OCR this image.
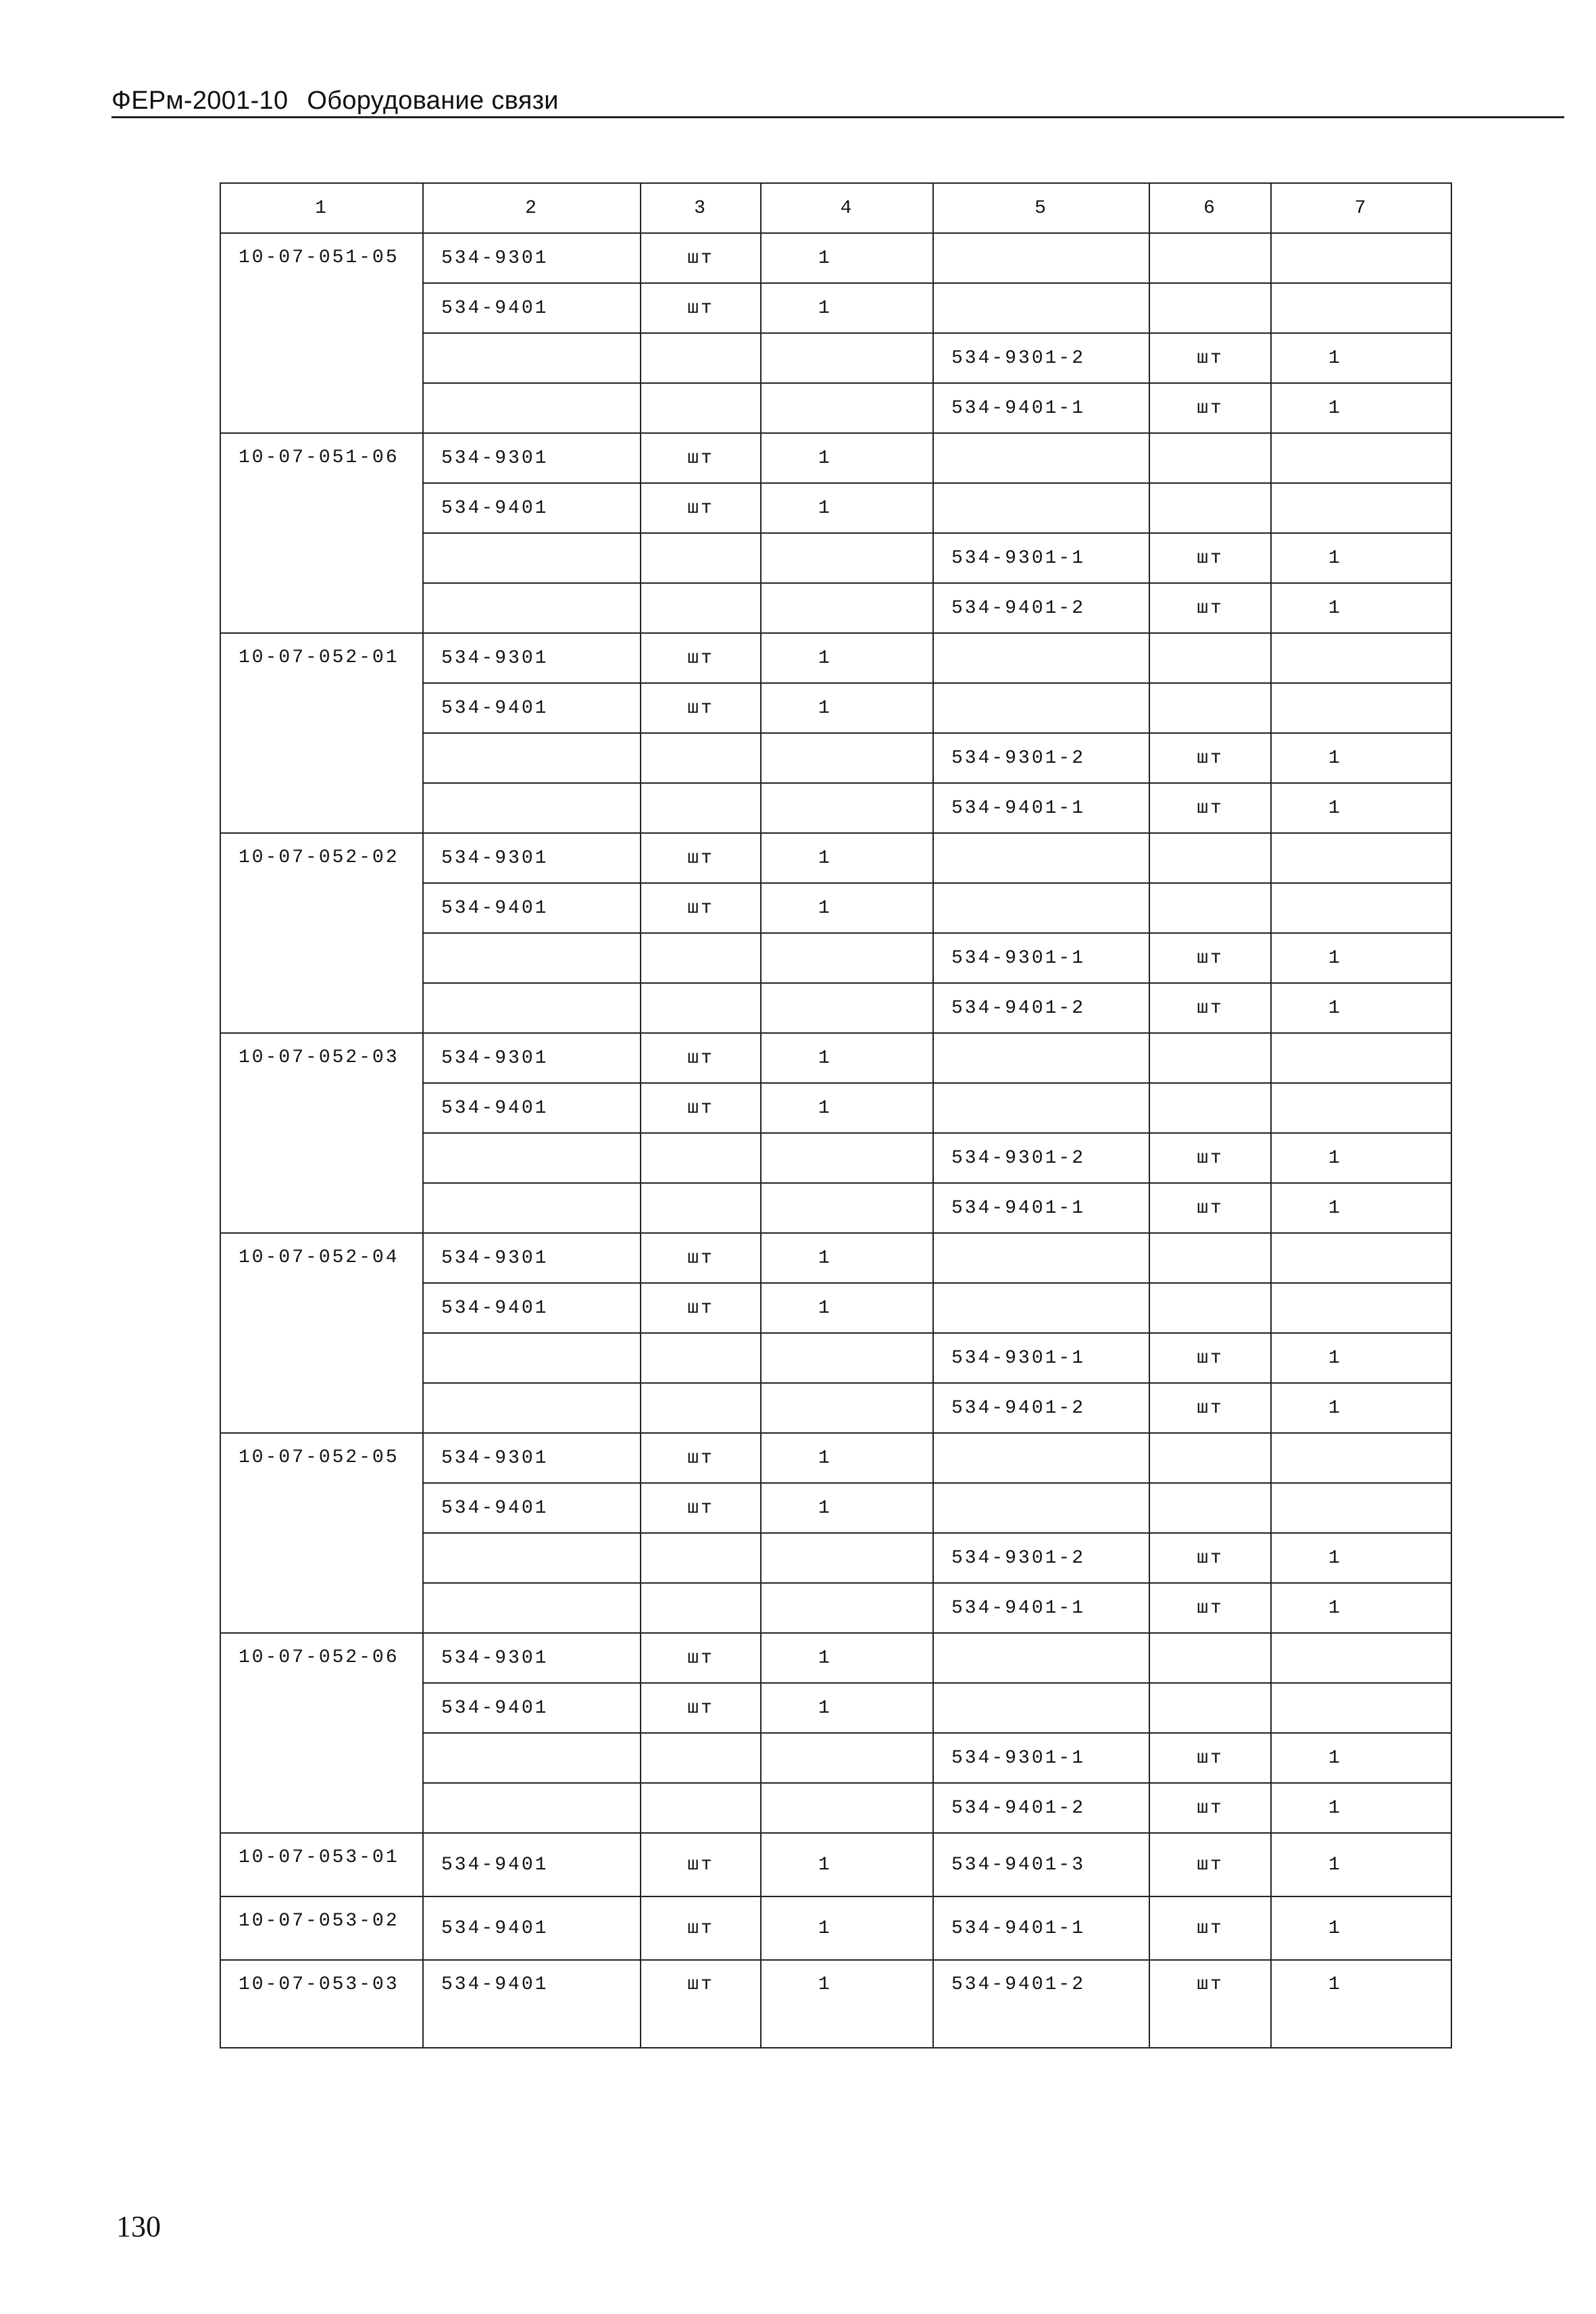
ФЕРм-2001-10 Оборудование связи
1	2	3	4	5	6	7
10-07-051-05	534-9301	шт	1			
	534-9401	шт	1			
				534-9301-2	шт	1
				534-9401-1	шт	1
10-07-051-06	534-9301	шт	1			
	534-9401	шт	1			
				534-9301-1	шт	1
				534-9401-2	шт	1
10-07-052-01	534-9301	шт	1			
	534-9401	шт	1			
				534-9301-2	шт	1
				534-9401-1	шт	1
10-07-052-02	534-9301	шт	1			
	534-9401	шт	1			
				534-9301-1	шт	1
				534-9401-2	шт	1
10-07-052-03	534-9301	шт	1			
	534-9401	шт	1			
				534-9301-2	шт	1
				534-9401-1	шт	1
10-07-052-04	534-9301	шт	1			
	534-9401	шт	1			
				534-9301-1	шт	1
				534-9401-2	шт	1
10-07-052-05	534-9301	шт	1			
	534-9401	шт	1			
				534-9301-2	шт	1
				534-9401-1	шт	1
10-07-052-06	534-9301	шт	1			
	534-9401	шт	1			
				534-9301-1	шт	1
				534-9401-2	шт	1
10-07-053-01	534-9401	шт	1	534-9401-3	шт	1
10-07-053-02	534-9401	шт	1	534-9401-1	шт	1
10-07-053-03	534-9401	шт	1	534-9401-2	шт	1
130
